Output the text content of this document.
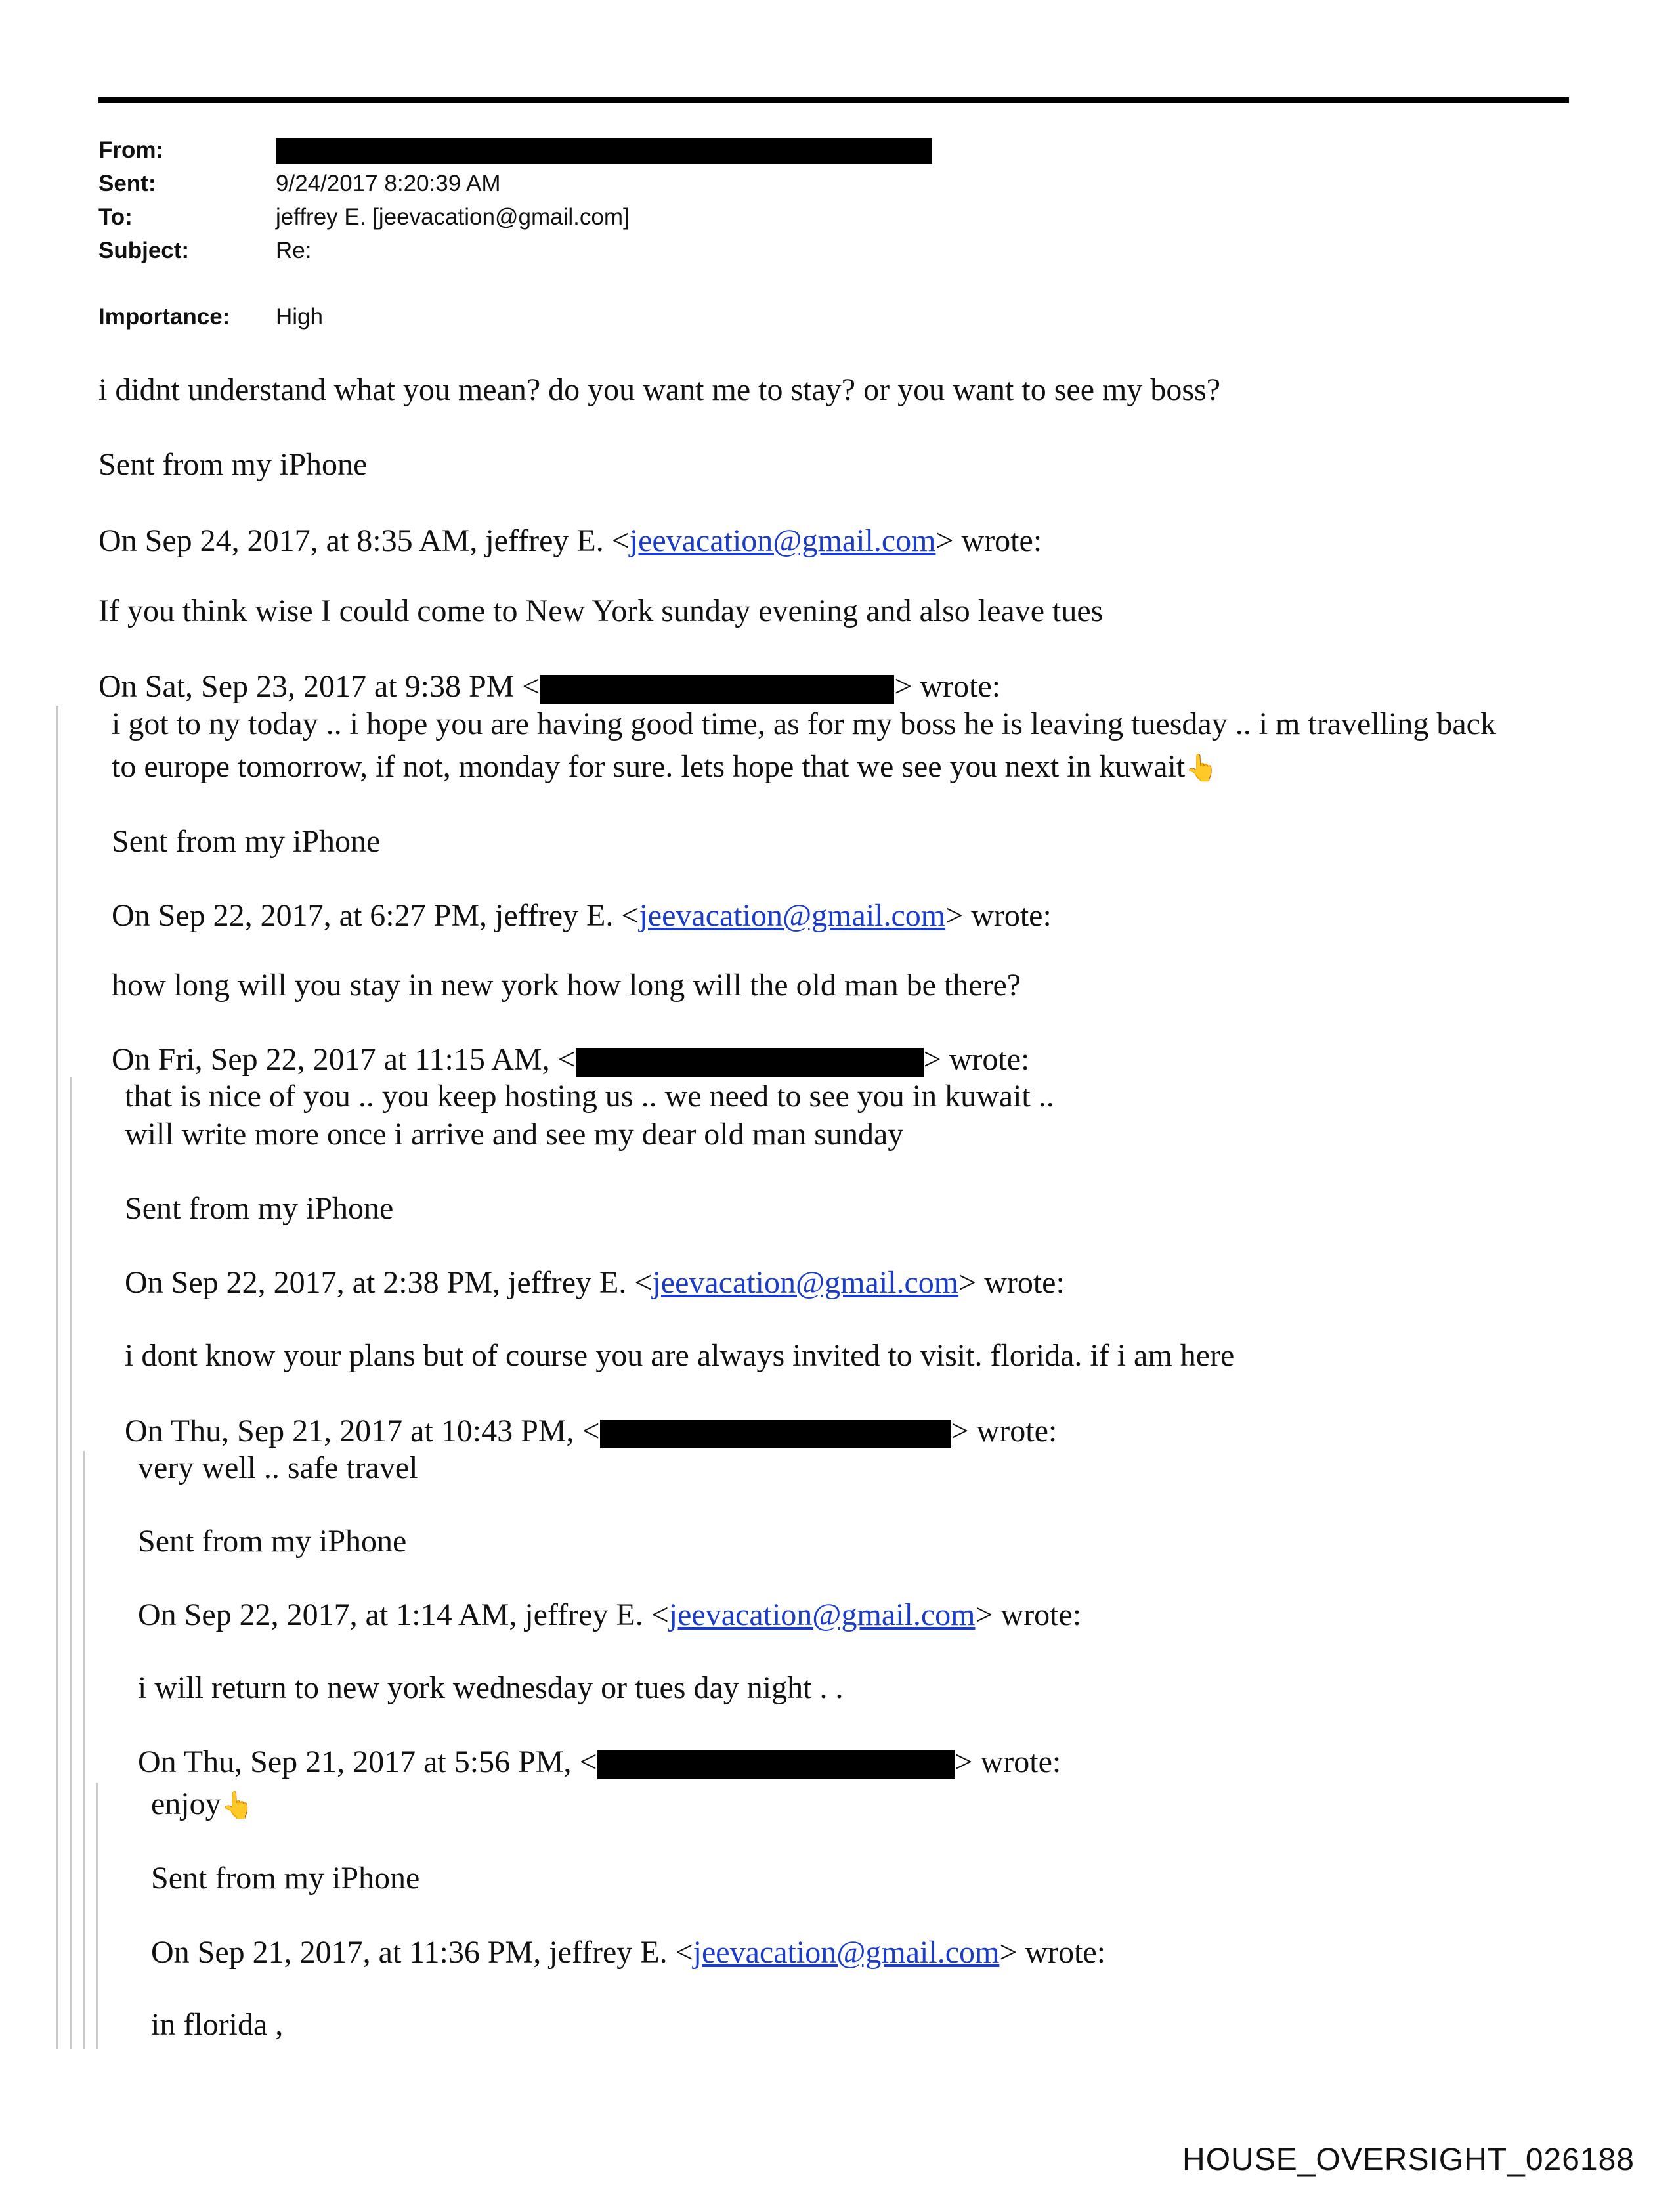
From:
Sent:	9/24/2017 8:20:39 AM
To:	jeffrey E. [jeevacation@gmail.com]
Subject:	Re:
Importance: High
i didnt understand what you mean? do you want me to stay? or you want to see my boss?
Sent from my iPhone
On Sep 24, 2017, at 8:35 AM, jeffrey E. <jeevacation@gmail.com> wrote:
If you think wise I could come to New York sunday evening and also leave tues
On Sat, Sep 23, 2017 at 9:38 PM <	> wrote:
i got to ny today .. i hope you are having good time, as for my boss he is leaving tuesday .. i m travelling back
to europe tomorrow, if not, monday for sure. lets hope that we see you next in kuwait👆
Sent from my iPhone
On Sep 22, 2017, at 6:27 PM, jeffrey E. <jeevacation@gmail.com> wrote:
how long will you stay in new york how long will the old man be there?
On Fri, Sep 22, 2017 at 11:15 AM, <	> wrote:
that is nice of you .. you keep hosting us .. we need to see you in kuwait ..
will write more once i arrive and see my dear old man sunday
Sent from my iPhone
On Sep 22, 2017, at 2:38 PM, jeffrey E. <jeevacation@gmail.com> wrote:
i dont know your plans but of course you are always invited to visit. florida. if i am here
On Thu, Sep 21, 2017 at 10:43 PM, <	> wrote:
very well .. safe travel
Sent from my iPhone
On Sep 22, 2017, at 1:14 AM, jeffrey E. <jeevacation@gmail.com> wrote:
i will return to new york wednesday or tues day night . .
On Thu, Sep 21, 2017 at 5:56 PM, <	> wrote:
enjoy👆
Sent from my iPhone
On Sep 21, 2017, at 11:36 PM, jeffrey E. <jeevacation@gmail.com> wrote:
in florida ,
HOUSE_OVERSIGHT_026188
